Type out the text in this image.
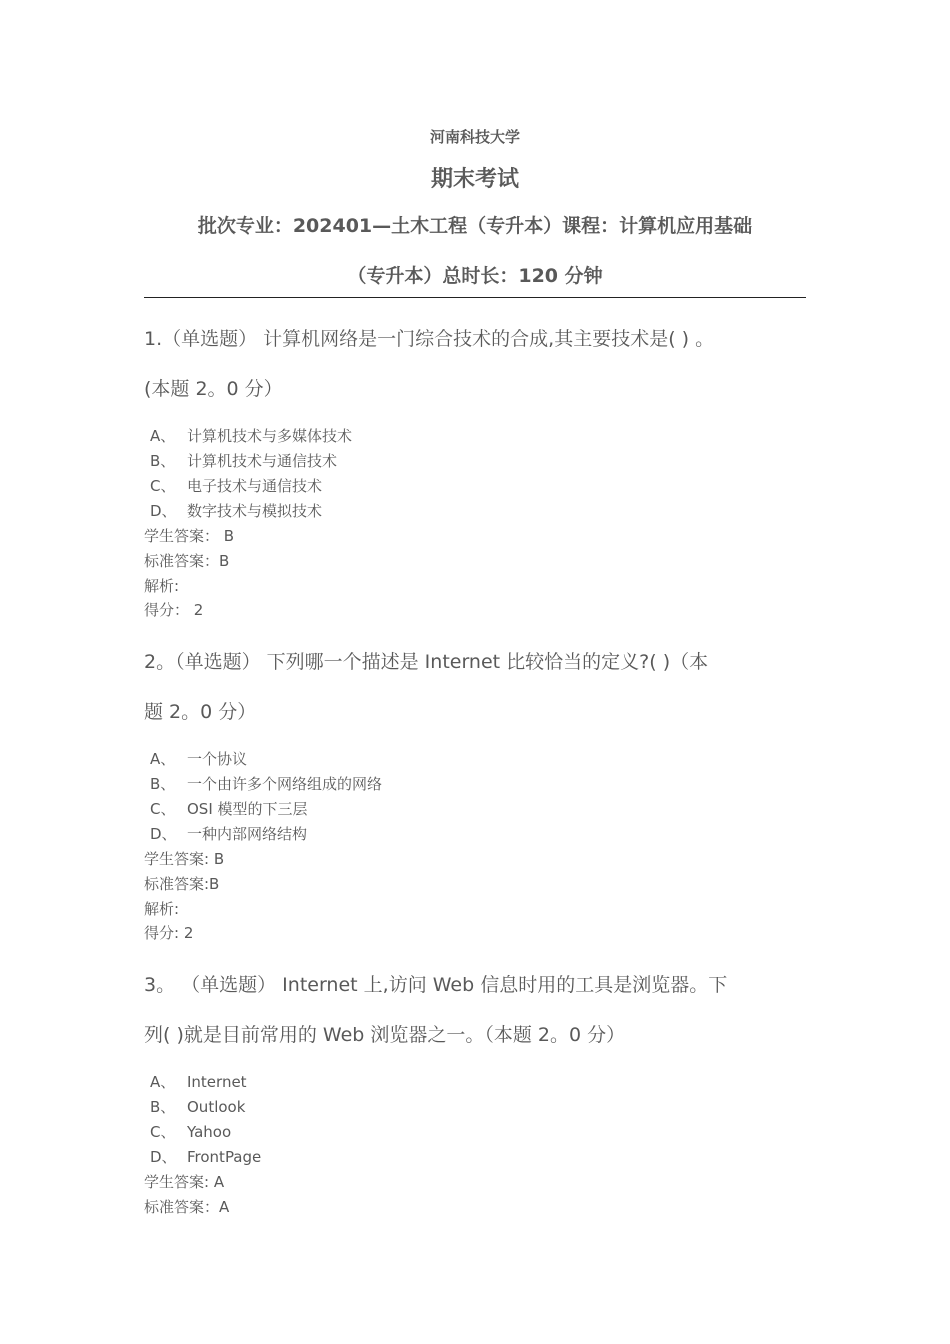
河南科技大学
期末考试
批次专业：202401—土木工程（专升本）课程：计算机应用基础
（专升本）总时长：120 分钟
1.（单选题） 计算机网络是一门综合技术的合成,其主要技术是( ) 。
(本题 2。0 分）
A、 计算机技术与多媒体技术
B、 计算机技术与通信技术
C、 电子技术与通信技术
D、 数字技术与模拟技术
学生答案： B
标准答案：B
解析:
得分： 2
2。（单选题） 下列哪一个描述是 Internet 比较恰当的定义?( )（本
题 2。0 分）
A、 一个协议
B、 一个由许多个网络组成的网络
C、 OSI 模型的下三层
D、 一种内部网络结构
学生答案: B
标准答案:B
解析:
得分: 2
3。 （单选题） Internet 上,访问 Web 信息时用的工具是浏览器。下
列( )就是目前常用的 Web 浏览器之一。（本题 2。0 分）
A、 Internet
B、 Outlook
C、 Yahoo
D、 FrontPage
学生答案: A
标准答案：A
